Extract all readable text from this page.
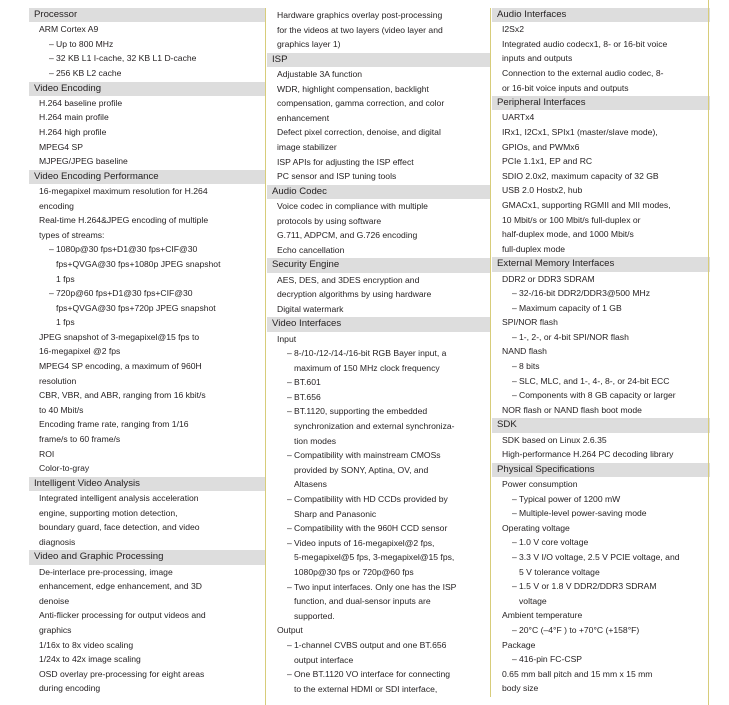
Processor
ARM Cortex A9
– Up to 800 MHz
– 32 KB L1 I-cache, 32 KB L1 D-cache
– 256 KB L2 cache
Video Encoding
H.264 baseline profile
H.264 main profile
H.264 high profile
MPEG4 SP
MJPEG/JPEG baseline
Video Encoding Performance
16-megapixel maximum resolution for H.264
encoding
Real-time H.264&JPEG encoding of multiple
types of streams:
– 1080p@30 fps+D1@30 fps+CIF@30
fps+QVGA@30 fps+1080p JPEG snapshot
1 fps
– 720p@60 fps+D1@30 fps+CIF@30
fps+QVGA@30 fps+720p JPEG snapshot
1 fps
JPEG snapshot of 3-megapixel@15 fps to
16-megapixel @2 fps
MPEG4 SP encoding, a maximum of 960H
resolution
CBR, VBR, and ABR, ranging from 16 kbit/s
to 40 Mbit/s
Encoding frame rate, ranging from 1/16
frame/s to 60 frame/s
ROI
Color-to-gray
Intelligent Video Analysis
Integrated intelligent analysis acceleration
engine, supporting motion detection,
boundary guard, face detection, and video
diagnosis
Video and Graphic Processing
De-interlace pre-processing, image
enhancement, edge enhancement, and 3D
denoise
Anti-flicker processing for output videos and
graphics
1/16x to 8x video scaling
1/24x to 42x image scaling
OSD overlay pre-processing for eight areas
during encoding
Hardware graphics overlay post-processing
for the videos at two layers (video layer and
graphics layer 1)
ISP
Adjustable 3A function
WDR, highlight compensation, backlight
compensation, gamma correction, and color
enhancement
Defect pixel correction, denoise, and digital
image stabilizer
ISP APIs for adjusting the ISP effect
PC sensor and ISP tuning tools
Audio Codec
Voice codec in compliance with multiple
protocols by using software
G.711, ADPCM, and G.726 encoding
Echo cancellation
Security Engine
AES, DES, and 3DES encryption and
decryption algorithms by using hardware
Digital watermark
Video Interfaces
Input
– 8-/10-/12-/14-/16-bit RGB Bayer input, a
maximum of 150 MHz clock frequency
– BT.601
– BT.656
– BT.1120, supporting the embedded
synchronization and external synchroniza-
tion modes
– Compatibility with mainstream CMOSs
provided by SONY, Aptina, OV, and
Altasens
– Compatibility with HD CCDs provided by
Sharp and Panasonic
– Compatibility with the 960H CCD sensor
– Video inputs of 16-megapixel@2 fps,
5-megapixel@5 fps, 3-megapixel@15 fps,
1080p@30 fps or 720p@60 fps
– Two input interfaces. Only one has the ISP
function, and dual-sensor inputs are
supported.
Output
– 1-channel CVBS output and one BT.656
output interface
– One BT.1120 VO interface for connecting
to the external HDMI or SDI interface,
Audio Interfaces
I2Sx2
Integrated audio codecx1, 8- or 16-bit voice
inputs and outputs
Connection to the external audio codec, 8-
or 16-bit voice inputs and outputs
Peripheral Interfaces
UARTx4
IRx1, I2Cx1, SPIx1 (master/slave mode),
GPIOs, and PWMx6
PCIe 1.1x1, EP and RC
SDIO 2.0x2, maximum capacity of 32 GB
USB 2.0 Hostx2, hub
GMACx1, supporting RGMII and MII modes,
10 Mbit/s or 100 Mbit/s full-duplex or
half-duplex mode, and 1000 Mbit/s
full-duplex mode
External Memory Interfaces
DDR2 or DDR3 SDRAM
– 32-/16-bit DDR2/DDR3@500 MHz
– Maximum capacity of 1 GB
SPI/NOR flash
– 1-, 2-, or 4-bit SPI/NOR flash
NAND flash
– 8 bits
– SLC, MLC, and 1-, 4-, 8-, or 24-bit ECC
– Components with 8 GB capacity or larger
NOR flash or NAND flash boot mode
SDK
SDK based on Linux 2.6.35
High-performance H.264 PC decoding library
Physical Specifications
Power consumption
– Typical power of 1200 mW
– Multiple-level power-saving mode
Operating voltage
– 1.0 V core voltage
– 3.3 V I/O voltage, 2.5 V PCIE voltage, and
5 V tolerance voltage
– 1.5 V or 1.8 V DDR2/DDR3 SDRAM
voltage
Ambient temperature
– 20°C (–4°F ) to +70°C (+158°F)
Package
– 416-pin FC-CSP
0.65 mm ball pitch and 15 mm x 15 mm
body size
